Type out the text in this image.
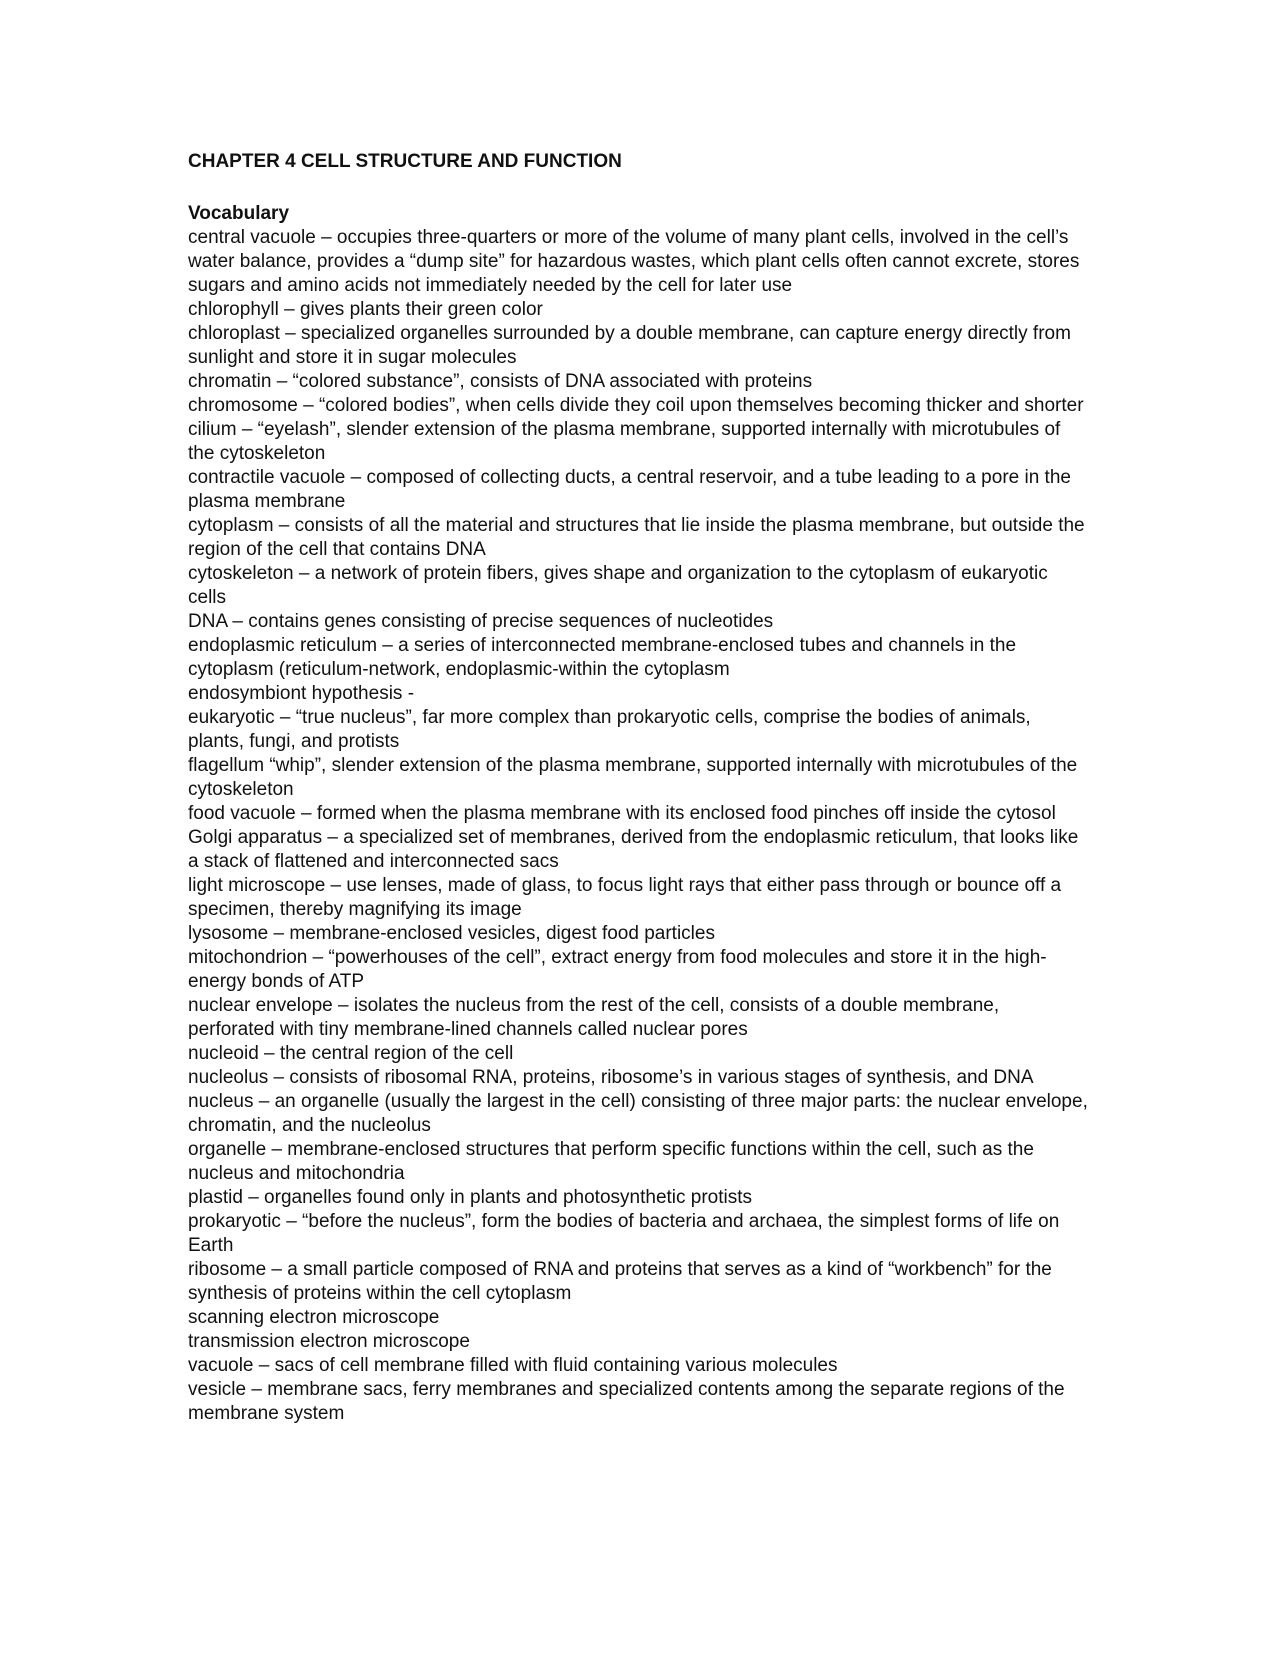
CHAPTER 4 CELL STRUCTURE AND FUNCTION
Vocabulary

central vacuole – occupies three-quarters or more of the volume of many plant cells, involved in the cell’s water balance, provides a “dump site” for hazardous wastes, which plant cells often cannot excrete, stores sugars and amino acids not immediately needed by the cell for later use

chlorophyll – gives plants their green color

chloroplast – specialized organelles surrounded by a double membrane, can capture energy directly from sunlight and store it in sugar molecules

chromatin – “colored substance”, consists of DNA associated with proteins

chromosome – “colored bodies”, when cells divide they coil upon themselves becoming thicker and shorter

cilium – “eyelash”, slender extension of the plasma membrane, supported internally with microtubules of the cytoskeleton

contractile vacuole – composed of collecting ducts, a central reservoir, and a tube leading to a pore in the plasma membrane

cytoplasm – consists of all the material and structures that lie inside the plasma membrane, but outside the region of the cell that contains DNA

cytoskeleton – a network of protein fibers, gives shape and organization to the cytoplasm of eukaryotic cells

DNA – contains genes consisting of precise sequences of nucleotides

endoplasmic reticulum – a series of interconnected membrane-enclosed tubes and channels in the cytoplasm (reticulum-network, endoplasmic-within the cytoplasm

endosymbiont hypothesis -

eukaryotic – “true nucleus”, far more complex than prokaryotic cells, comprise the bodies of animals, plants, fungi, and protists

flagellum “whip”, slender extension of the plasma membrane, supported internally with microtubules of the cytoskeleton

food vacuole – formed when the plasma membrane with its enclosed food pinches off inside the cytosol

Golgi apparatus – a specialized set of membranes, derived from the endoplasmic reticulum, that looks like a stack of flattened and interconnected sacs

light microscope – use lenses, made of glass, to focus light rays that either pass through or bounce off a specimen, thereby magnifying its image

lysosome – membrane-enclosed vesicles, digest food particles

mitochondrion – “powerhouses of the cell”, extract energy from food molecules and store it in the high-energy bonds of ATP

nuclear envelope – isolates the nucleus from the rest of the cell, consists of a double membrane, perforated with tiny membrane-lined channels called nuclear pores

nucleoid – the central region of the cell

nucleolus – consists of ribosomal RNA, proteins, ribosome’s in various stages of synthesis, and DNA

nucleus – an organelle (usually the largest in the cell) consisting of three major parts: the nuclear envelope, chromatin, and the nucleolus

organelle – membrane-enclosed structures that perform specific functions within the cell, such as the nucleus and mitochondria

plastid – organelles found only in plants and photosynthetic protists

prokaryotic – “before the nucleus”, form the bodies of bacteria and archaea, the simplest forms of life on Earth

ribosome – a small particle composed of RNA and proteins that serves as a kind of “workbench” for the synthesis of proteins within the cell cytoplasm

scanning electron microscope

transmission electron microscope

vacuole – sacs of cell membrane filled with fluid containing various molecules

vesicle – membrane sacs, ferry membranes and specialized contents among the separate regions of the membrane system
